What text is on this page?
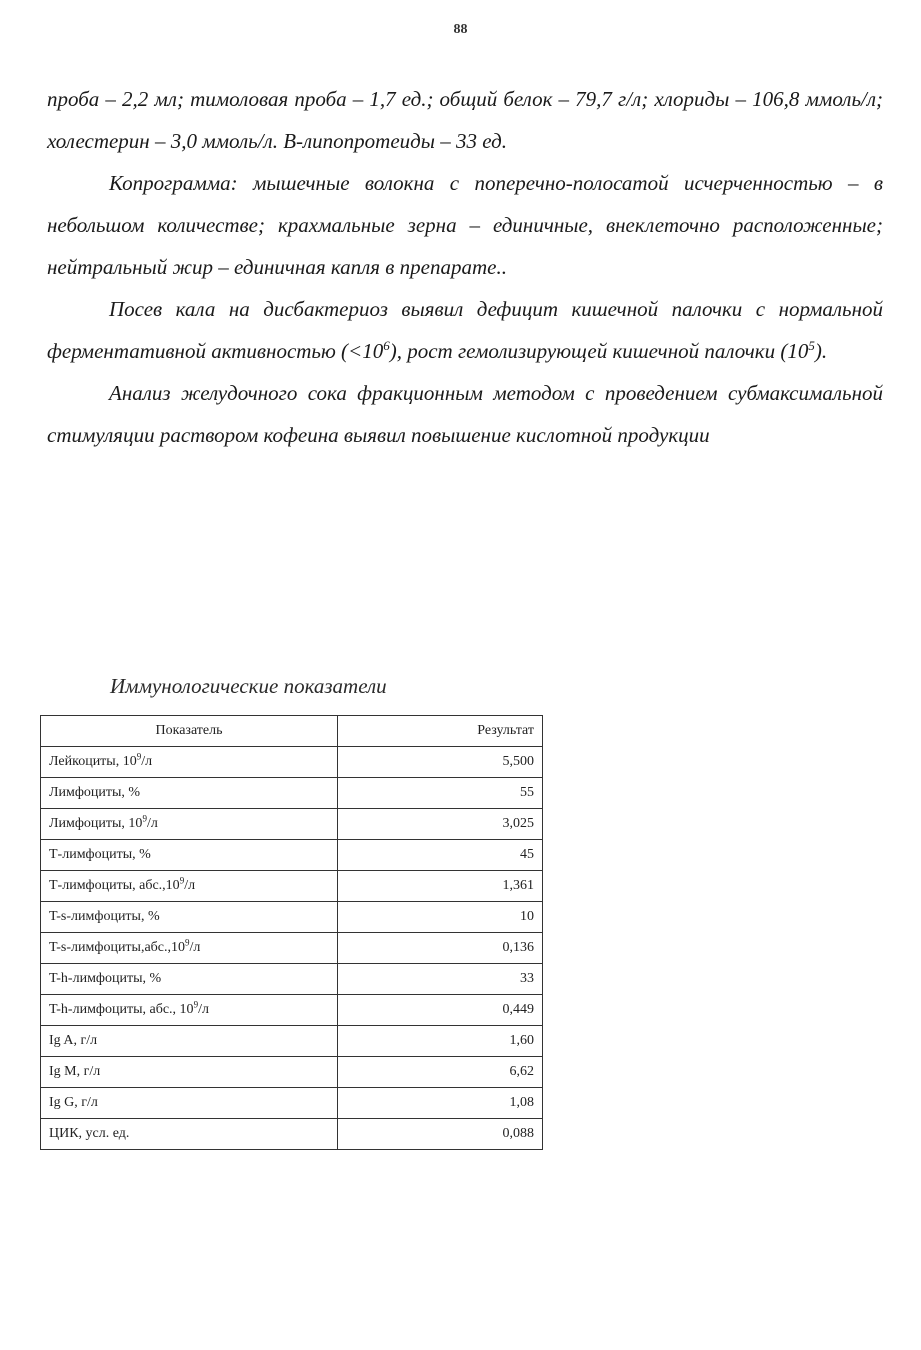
88

проба – 2,2 мл; тимоловая проба – 1,7 ед.; общий белок – 79,7 г/л; хлориды – 106,8 ммоль/л; холестерин – 3,0 ммоль/л. В-липопротеиды – 33 ед.

Копрограмма: мышечные волокна с поперечно-полосатой исчерченностью – в небольшом количестве; крахмальные зерна – единичные, внеклеточно расположенные; нейтральный жир – единичная капля в препарате..

Посев кала на дисбактериоз выявил дефицит кишечной палочки с нормальной ферментативной активностью $(<10^6)$, рост гемолизирующей кишечной палочки $(10^5)$.

Анализ желудочного сока фракционным методом с проведением субмаксимальной стимуляции раствором кофеина выявил повышение кислотной продукции

Иммунологические показатели
Показатель	Результат
Лейкоциты, $10^9/л$	5,500
Лимфоциты, %	55
Лимфоциты, $10^9/л$	3,025
Т-лимфоциты, %	45
Т-лимфоциты, абс.,10$^9$/л	1,361
T-s-лимфоциты, %	10
T-s-лимфоциты,абс.,10$^9$/л	0,136
T-h-лимфоциты, %	33
T-h-лимфоциты, абс., $10^9/л$	0,449
Ig A, г/л	1,60
Ig M, г/л	6,62
Ig G, г/л	1,08
ЦИК, усл. ед.	0,088
